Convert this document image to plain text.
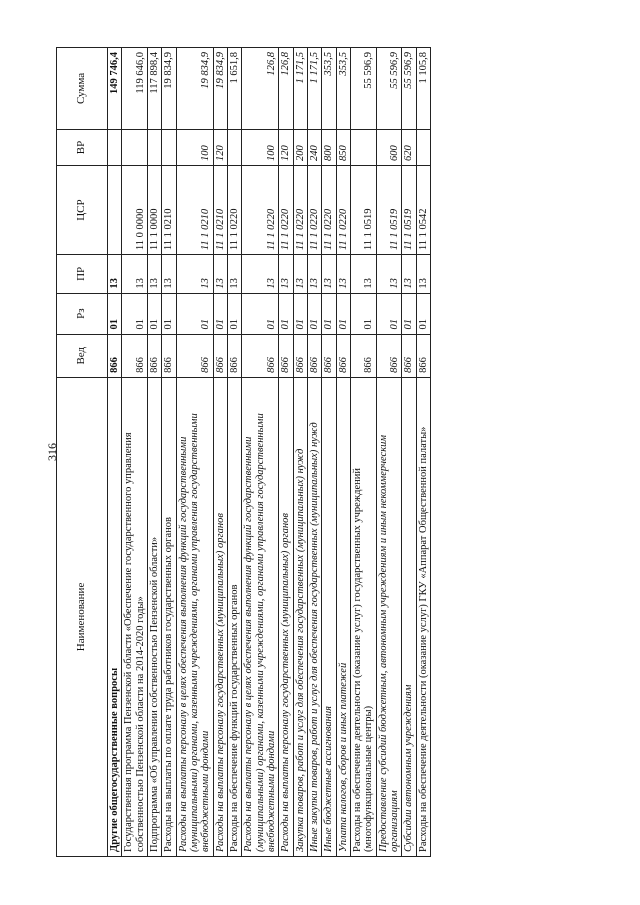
316
Наименование	Вед	Рз	ПР	ЦСР	ВР	Сумма
Другие общегосударственные вопросы	866	01	13			149 746,4
Государственная программа Пензенской области «Обеспечение государственного управления собственностью Пензенской области на 2014-2020 годы»	866	01	13	11 0 0000		119 646,0
Подпрограмма «Об управлении собственностью Пензенской области»	866	01	13	11 1 0000		117 898,4
Расходы на выплаты по оплате труда работников государственных органов	866	01	13	11 1 0210		19 834,9
Расходы на выплаты персоналу в целях обеспечения выполнения функций государственными (муниципальными) органами, казенными учреждениями, органами управления государственными внебюджетными фондами	866	01	13	11 1 0210	100	19 834,9
Расходы на выплаты персоналу государственных (муниципальных) органов	866	01	13	11 1 0210	120	19 834,9
Расходы на обеспечение функций государственных органов	866	01	13	11 1 0220		1 651,8
Расходы на выплаты персоналу в целях обеспечения выполнения функций государственными (муниципальными) органами, казенными учреждениями, органами управления государственными внебюджетными фондами	866	01	13	11 1 0220	100	126,8
Расходы на выплаты персоналу государственных (муниципальных) органов	866	01	13	11 1 0220	120	126,8
Закупка товаров, работ и услуг для обеспечения государственных (муниципальных) нужд	866	01	13	11 1 0220	200	1 171,5
Иные закупки товаров, работ и услуг для обеспечения государственных (муниципальных) нужд	866	01	13	11 1 0220	240	1 171,5
Иные бюджетные ассигнования	866	01	13	11 1 0220	800	353,5
Уплата налогов, сборов и иных платежей	866	01	13	11 1 0220	850	353,5
Расходы на обеспечение деятельности (оказание услуг) государственных учреждений (многофункциональные центры)	866	01	13	11 1 0519		55 596,9
Предоставление субсидий бюджетным, автономным учреждениям и иным некоммерческим организациям	866	01	13	11 1 0519	600	55 596,9
Субсидии автономным учреждениям	866	01	13	11 1 0519	620	55 596,9
Расходы на обеспечение деятельности (оказание услуг) ГКУ «Аппарат Общественной палаты»	866	01	13	11 1 0542		1 105,8
